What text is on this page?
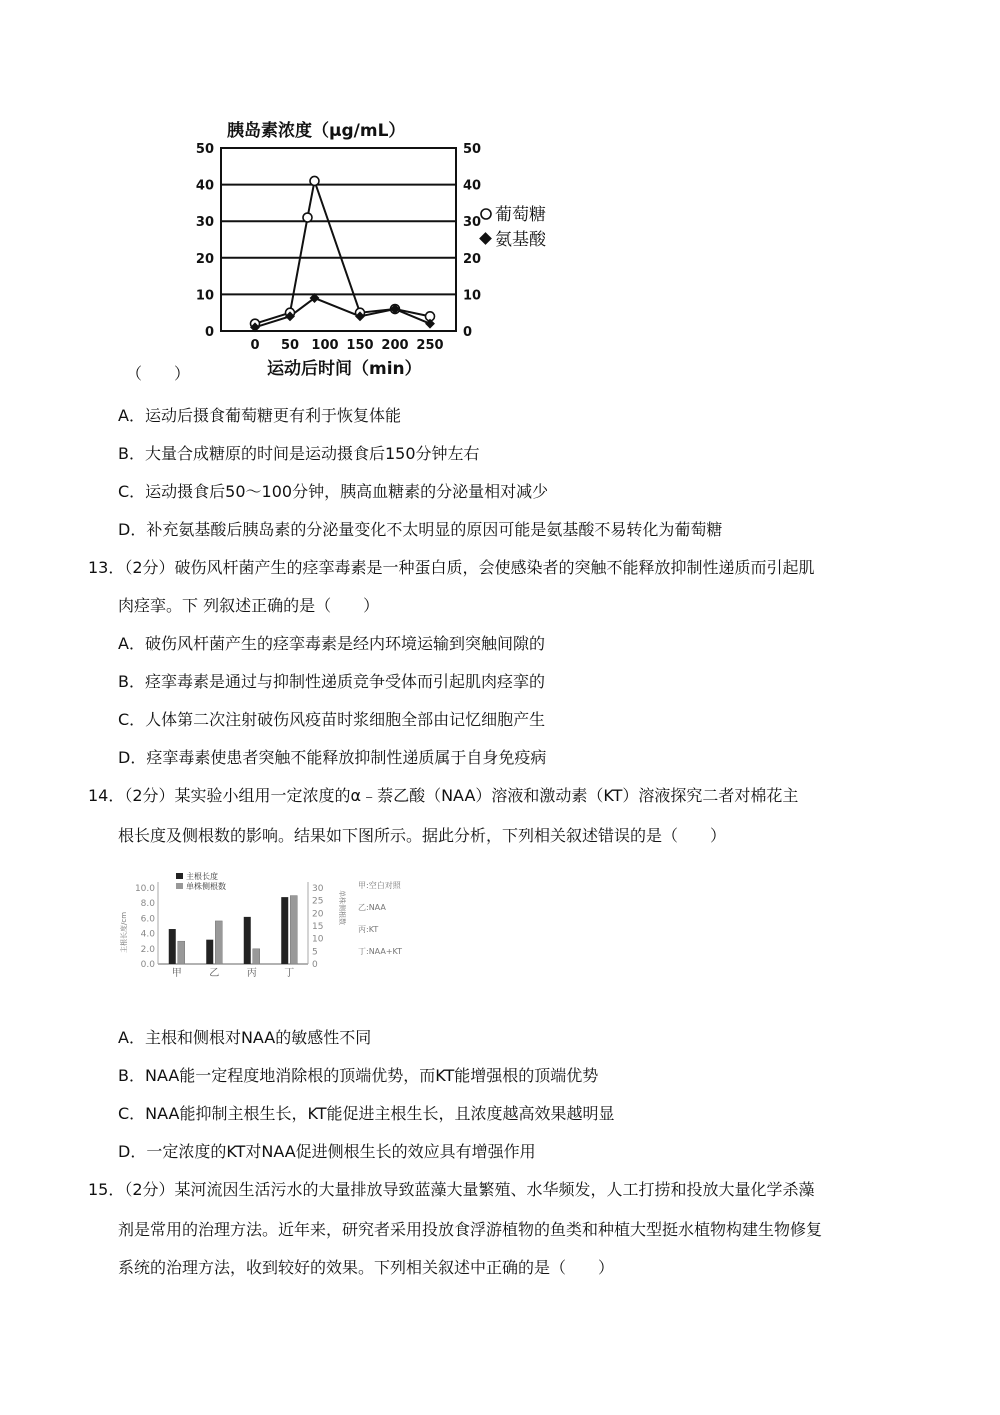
胰岛素浓度（μg/mL）
0
10
20
30
40
50
0
10
20
30
40
50
0 50 100 150 200 250
葡萄糖
氨基酸
运动后时间（min）
（　　）
A．运动后摄食葡萄糖更有利于恢复体能
B．大量合成糖原的时间是运动摄食后150分钟左右
C．运动摄食后50〜100分钟，胰高血糖素的分泌量相对减少
D．补充氨基酸后胰岛素的分泌量变化不太明显的原因可能是氨基酸不易转化为葡萄糖
13．（2分）破伤风杆菌产生的痉挛毒素是一种蛋白质，会使感染者的突触不能释放抑制性递质而引起肌
肉痉挛。下 列叙述正确的是（　　）
A．破伤风杆菌产生的痉挛毒素是经内环境运输到突触间隙的
B．痉挛毒素是通过与抑制性递质竞争受体而引起肌肉痉挛的
C．人体第二次注射破伤风疫苗时浆细胞全部由记忆细胞产生
D．痉挛毒素使患者突触不能释放抑制性递质属于自身免疫病
14．（2分）某实验小组用一定浓度的α﹣萘乙酸（NAA）溶液和激动素（KT）溶液探究二者对棉花主
根长度及侧根数的影响。结果如下图所示。据此分析，下列相关叙述错误的是（　　）
主根长度
单株侧根数
主根长度/cm
单株侧根数
0.0
2.0
4.0
6.0
8.0
10.0
0
5
10
15
20
25
30
甲	乙	丙	丁
甲:空白对照
乙:NAA
丙:KT
丁:NAA+KT
A．主根和侧根对NAA的敏感性不同
B．NAA能一定程度地消除根的顶端优势，而KT能增强根的顶端优势
C．NAA能抑制主根生长，KT能促进主根生长，且浓度越高效果越明显
D．一定浓度的KT对NAA促进侧根生长的效应具有增强作用
15．（2分）某河流因生活污水的大量排放导致蓝藻大量繁殖、水华频发，人工打捞和投放大量化学杀藻
剂是常用的治理方法。近年来，研究者采用投放食浮游植物的鱼类和种植大型挺水植物构建生物修复
系统的治理方法，收到较好的效果。下列相关叙述中正确的是（　　）
